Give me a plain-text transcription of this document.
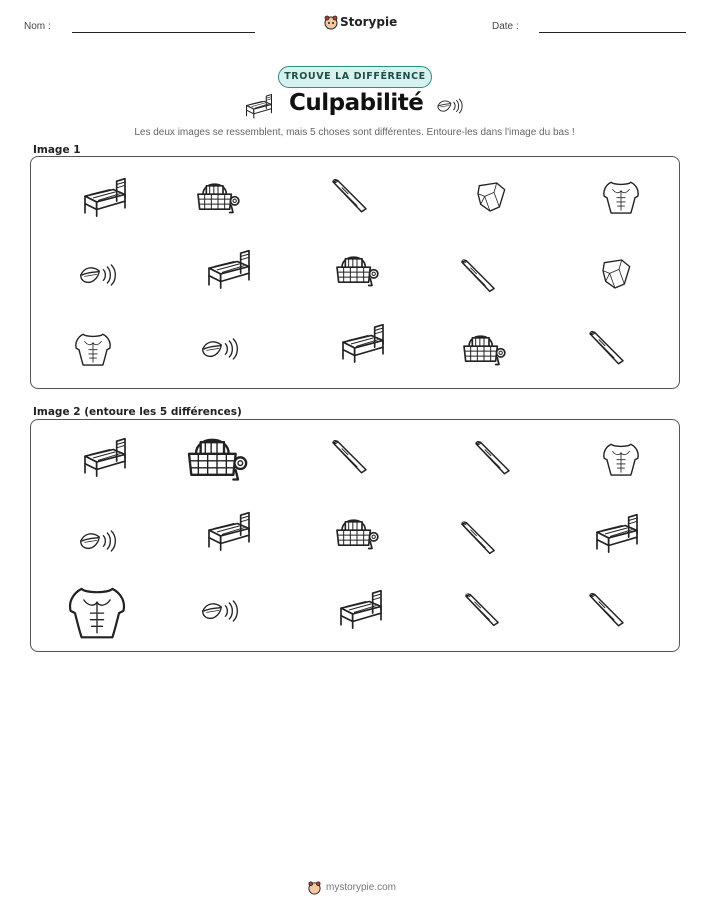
Nom :	Storypie	Date :
TROUVE LA DIFFÉRENCE
Culpabilité
Les deux images se ressemblent, mais 5 choses sont différentes. Entoure-les dans l'image du bas !
Image 1
Image 2 (entoure les 5 différences)
mystorypie.com
